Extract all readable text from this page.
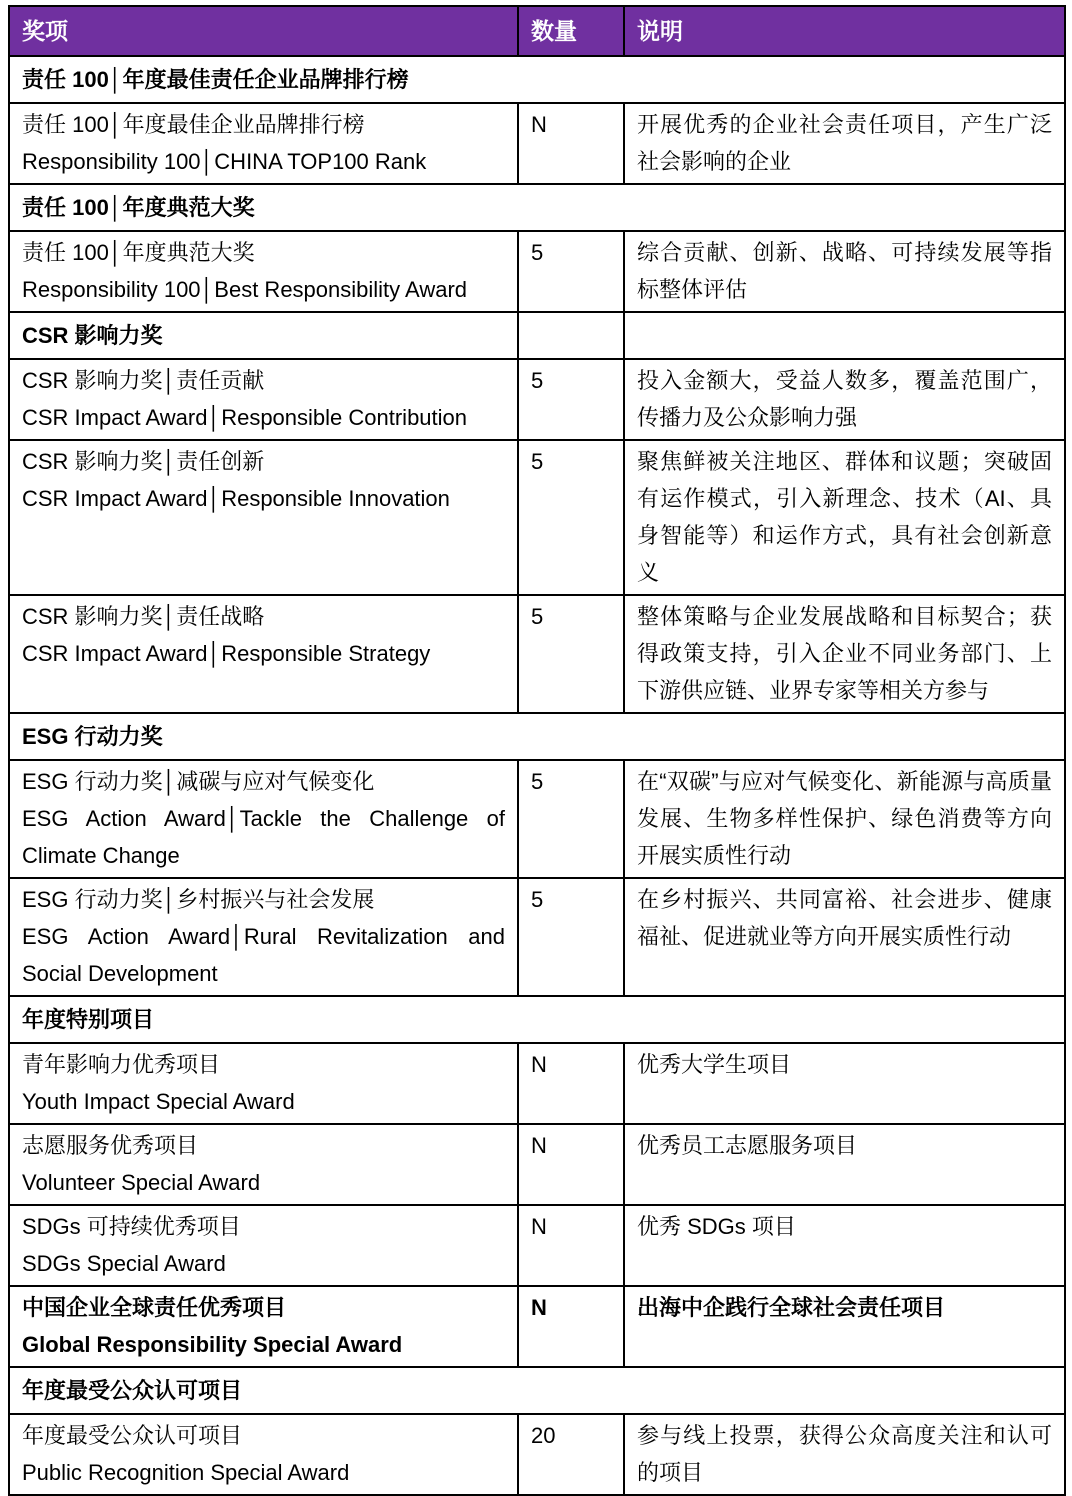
奖项	数量	说明
责任 100│年度最佳责任企业品牌排行榜		

责任 100│年度最佳企业品牌排行榜
Responsibility 100│CHINA TOP100 Rank	N	开展优秀的企业社会责任项目，产生广泛社会影响的企业
责任 100│年度典范大奖		

责任 100│年度典范大奖
Responsibility 100│Best Responsibility Award	5	综合贡献、创新、战略、可持续发展等指标整体评估
CSR 影响力奖		

CSR 影响力奖│责任贡献
CSR Impact Award│Responsible Contribution	5	投入金额大，受益人数多，覆盖范围广，传播力及公众影响力强

CSR 影响力奖│责任创新
CSR Impact Award│Responsible Innovation	5	聚焦鲜被关注地区、群体和议题；突破固有运作模式，引入新理念、技术（AI、具身智能等）和运作方式，具有社会创新意义

CSR 影响力奖│责任战略
CSR Impact Award│Responsible Strategy	5	整体策略与企业发展战略和目标契合；获得政策支持，引入企业不同业务部门、上下游供应链、业界专家等相关方参与
ESG 行动力奖		

ESG 行动力奖│减碳与应对气候变化
ESG Action Award│Tackle the Challenge of Climate Change	5	在“双碳”与应对气候变化、新能源与高质量发展、生物多样性保护、绿色消费等方向开展实质性行动

ESG 行动力奖│乡村振兴与社会发展
ESG Action Award│Rural Revitalization and Social Development	5	在乡村振兴、共同富裕、社会进步、健康福祉、促进就业等方向开展实质性行动
年度特别项目		

青年影响力优秀项目
Youth Impact Special Award	N	优秀大学生项目

志愿服务优秀项目
Volunteer Special Award	N	优秀员工志愿服务项目

SDGs 可持续优秀项目
SDGs Special Award	N	优秀 SDGs 项目

中国企业全球责任优秀项目
Global Responsibility Special Award	N	出海中企践行全球社会责任项目
年度最受公众认可项目		

年度最受公众认可项目
Public Recognition Special Award	20	参与线上投票，获得公众高度关注和认可的项目
